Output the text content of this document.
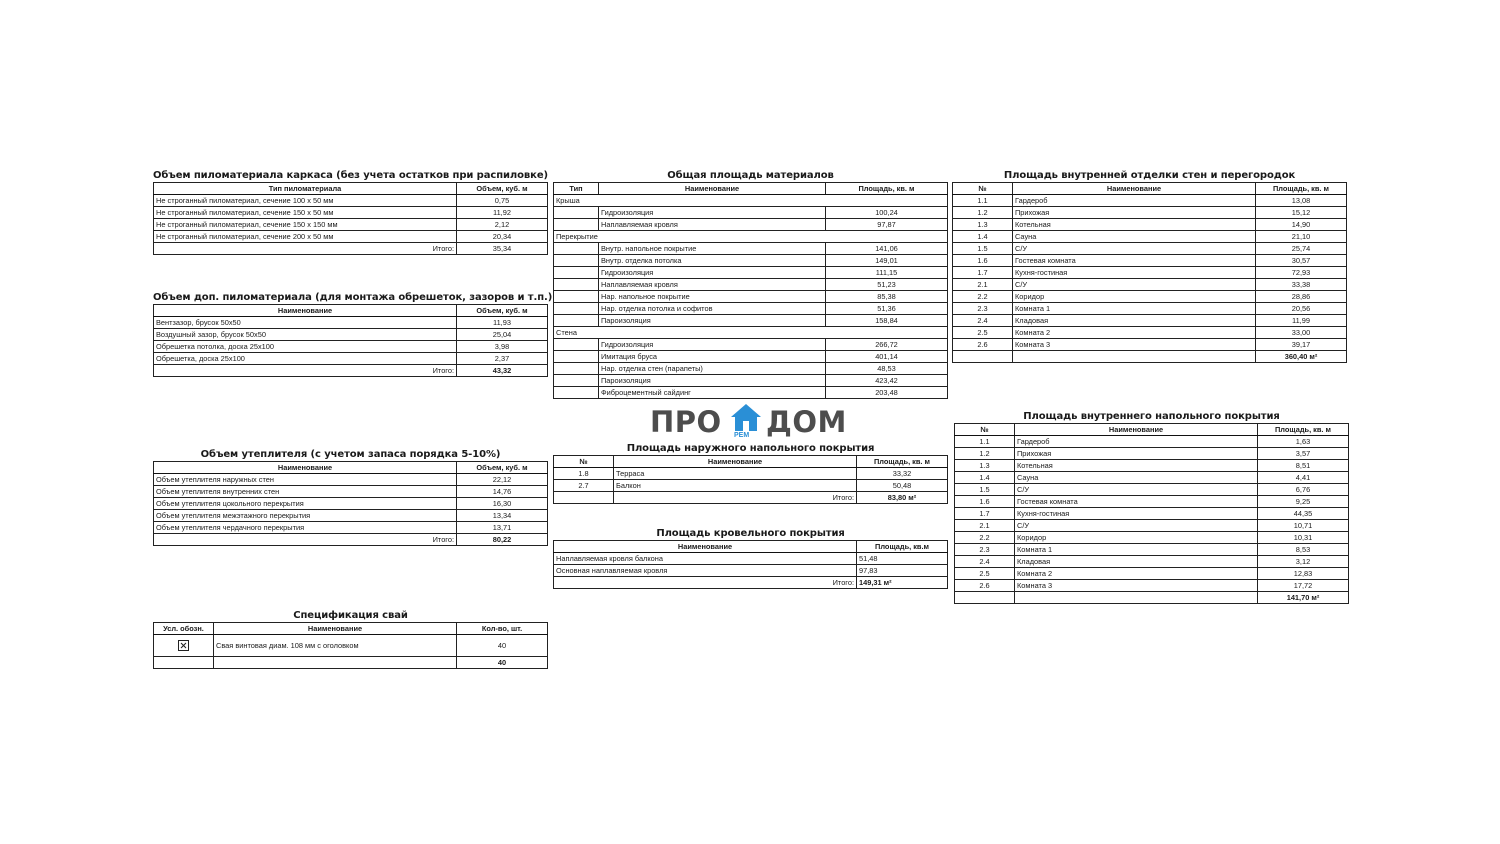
Объем пиломатериала каркаса (без учета остатков при распиловке)
Тип пиломатериала	Объем, куб. м
Не строганный пиломатериал, сечение 100 х 50 мм	0,75
Не строганный пиломатериал, сечение 150 х 50 мм	11,92
Не строганный пиломатериал, сечение 150 х 150 мм	2,12
Не строганный пиломатериал, сечение 200 х 50 мм	20,34
Итого:	35,34
Объем доп. пиломатериала (для монтажа обрешеток, зазоров и т.п.)
Наименование	Объем, куб. м
Вентзазор, брусок 50х50	11,93
Воздушный зазор, брусок 50х50	25,04
Обрешетка потолка, доска 25х100	3,98
Обрешетка, доска 25х100	2,37
Итого:	43,32
Объем утеплителя (с учетом запаса порядка 5-10%)
Наименование	Объем, куб. м
Объем утеплителя наружных стен	22,12
Объем утеплителя внутренних стен	14,76
Объем утеплителя цокольного перекрытия	16,30
Объем утеплителя межэтажного перекрытия	13,34
Объем утеплителя чердачного перекрытия	13,71
Итого:	80,22
Спецификация свай
Усл. обозн.	Наименование	Кол-во, шт.
	Свая винтовая диам. 108 мм с оголовком	40
		40
Общая площадь материалов
Тип	Наименование	Площадь, кв. м
Крыша		
	Гидроизоляция	100,24
	Наплавляемая кровля	97,87
Перекрытие		
	Внутр. напольное покрытие	141,06
	Внутр. отделка потолка	149,01
	Гидроизоляция	111,15
	Наплавляемая кровля	51,23
	Нар. напольное покрытие	85,38
	Нар. отделка потолка и софитов	51,36
	Пароизоляция	158,84
Стена		
	Гидроизоляция	266,72
	Имитация бруса	401,14
	Нар. отделка стен (парапеты)	48,53
	Пароизоляция	423,42
	Фиброцементный сайдинг	203,48
ПРО РЕМ ДОМ
Площадь наружного напольного покрытия
№	Наименование	Площадь, кв. м
1.8	Терраса	33,32
2.7	Балкон	50,48
	Итого:	83,80 м²
Площадь кровельного покрытия
Наименование	Площадь, кв.м
Наплавляемая кровля балкона	51,48
Основная наплавляемая кровля	97,83
Итого:	149,31 м²
Площадь внутренней отделки стен и перегородок
№	Наименование	Площадь, кв. м
1.1	Гардероб	13,08
1.2	Прихожая	15,12
1.3	Котельная	14,90
1.4	Сауна	21,10
1.5	С/У	25,74
1.6	Гостевая комната	30,57
1.7	Кухня-гостиная	72,93
2.1	С/У	33,38
2.2	Коридор	28,86
2.3	Комната 1	20,56
2.4	Кладовая	11,99
2.5	Комната 2	33,00
2.6	Комната 3	39,17
		360,40 м²
Площадь внутреннего напольного покрытия
№	Наименование	Площадь, кв. м
1.1	Гардероб	1,63
1.2	Прихожая	3,57
1.3	Котельная	8,51
1.4	Сауна	4,41
1.5	С/У	6,76
1.6	Гостевая комната	9,25
1.7	Кухня-гостиная	44,35
2.1	С/У	10,71
2.2	Коридор	10,31
2.3	Комната 1	8,53
2.4	Кладовая	3,12
2.5	Комната 2	12,83
2.6	Комната 3	17,72
		141,70 м²
